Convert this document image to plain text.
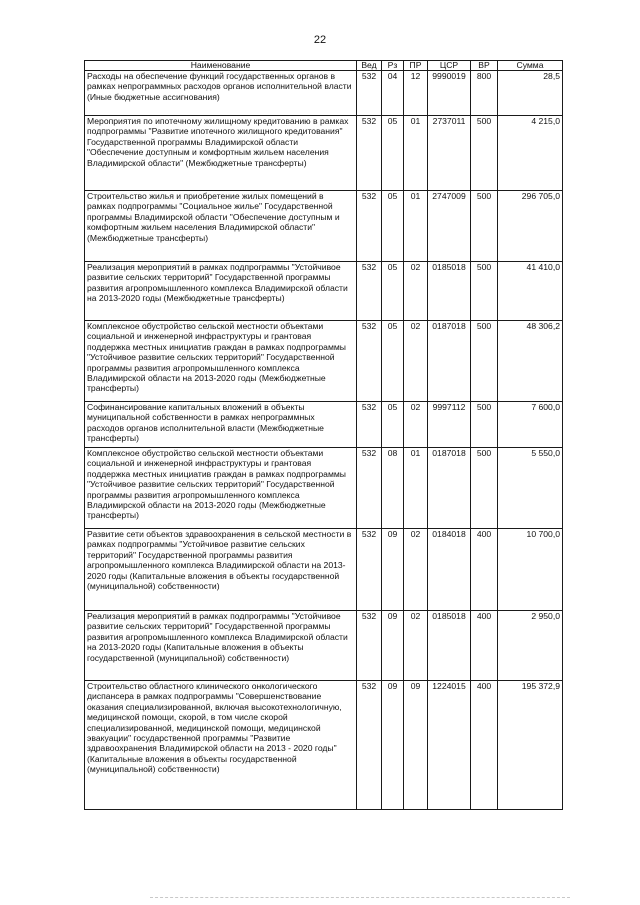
22
Наименование	Вед	Рз	ПР	ЦСР	ВР	Сумма
Расходы на обеспечение функций государственных органов в рамках непрограммных расходов органов исполнительной власти (Иные бюджетные ассигнования)	532	04	12	9990019	800	28,5
Мероприятия по ипотечному жилищному кредитованию в рамках подпрограммы "Развитие ипотечного жилищного кредитования" Государственной программы Владимирской области "Обеспечение доступным и комфортным жильем населения Владимирской области" (Межбюджетные трансферты)	532	05	01	2737011	500	4 215,0
Строительство жилья и приобретение жилых помещений в рамках подпрограммы "Социальное жилье" Государственной программы Владимирской области "Обеспечение доступным и комфортным жильем населения Владимирской области" (Межбюджетные трансферты)	532	05	01	2747009	500	296 705,0
Реализация мероприятий в рамках подпрограммы "Устойчивое развитие сельских территорий" Государственной программы развития агропромышленного комплекса Владимирской области на 2013-2020 годы (Межбюджетные трансферты)	532	05	02	0185018	500	41 410,0
Комплексное обустройство сельской местности объектами социальной и инженерной инфраструктуры и грантовая поддержка местных инициатив граждан в рамках подпрограммы "Устойчивое развитие сельских территорий" Государственной программы развития агропромышленного комплекса Владимирской области на 2013-2020 годы (Межбюджетные трансферты)	532	05	02	0187018	500	48 306,2
Софинансирование капитальных вложений в объекты муниципальной собственности в рамках непрограммных расходов органов исполнительной власти (Межбюджетные трансферты)	532	05	02	9997112	500	7 600,0
Комплексное обустройство сельской местности объектами социальной и инженерной инфраструктуры и грантовая поддержка местных инициатив граждан в рамках подпрограммы "Устойчивое развитие сельских территорий" Государственной программы развития агропромышленного комплекса Владимирской области на 2013-2020 годы (Межбюджетные трансферты)	532	08	01	0187018	500	5 550,0
Развитие сети объектов здравоохранения в сельской местности в рамках подпрограммы "Устойчивое развитие сельских территорий" Государственной программы развития агропромышленного комплекса Владимирской области на 2013-2020 годы (Капитальные вложения в объекты государственной (муниципальной) собственности)	532	09	02	0184018	400	10 700,0
Реализация мероприятий в рамках подпрограммы "Устойчивое развитие сельских территорий" Государственной программы развития агропромышленного комплекса Владимирской области на 2013-2020 годы (Капитальные вложения в объекты государственной (муниципальной) собственности)	532	09	02	0185018	400	2 950,0
Строительство областного клинического онкологического диспансера в рамках подпрограммы "Совершенствование оказания специализированной, включая высокотехнологичную, медицинской помощи, скорой, в том числе скорой специализированной, медицинской помощи, медицинской эвакуации" государственной программы "Развитие здравоохранения Владимирской области на 2013 - 2020 годы" (Капитальные вложения в объекты государственной (муниципальной) собственности)	532	09	09	1224015	400	195 372,9
